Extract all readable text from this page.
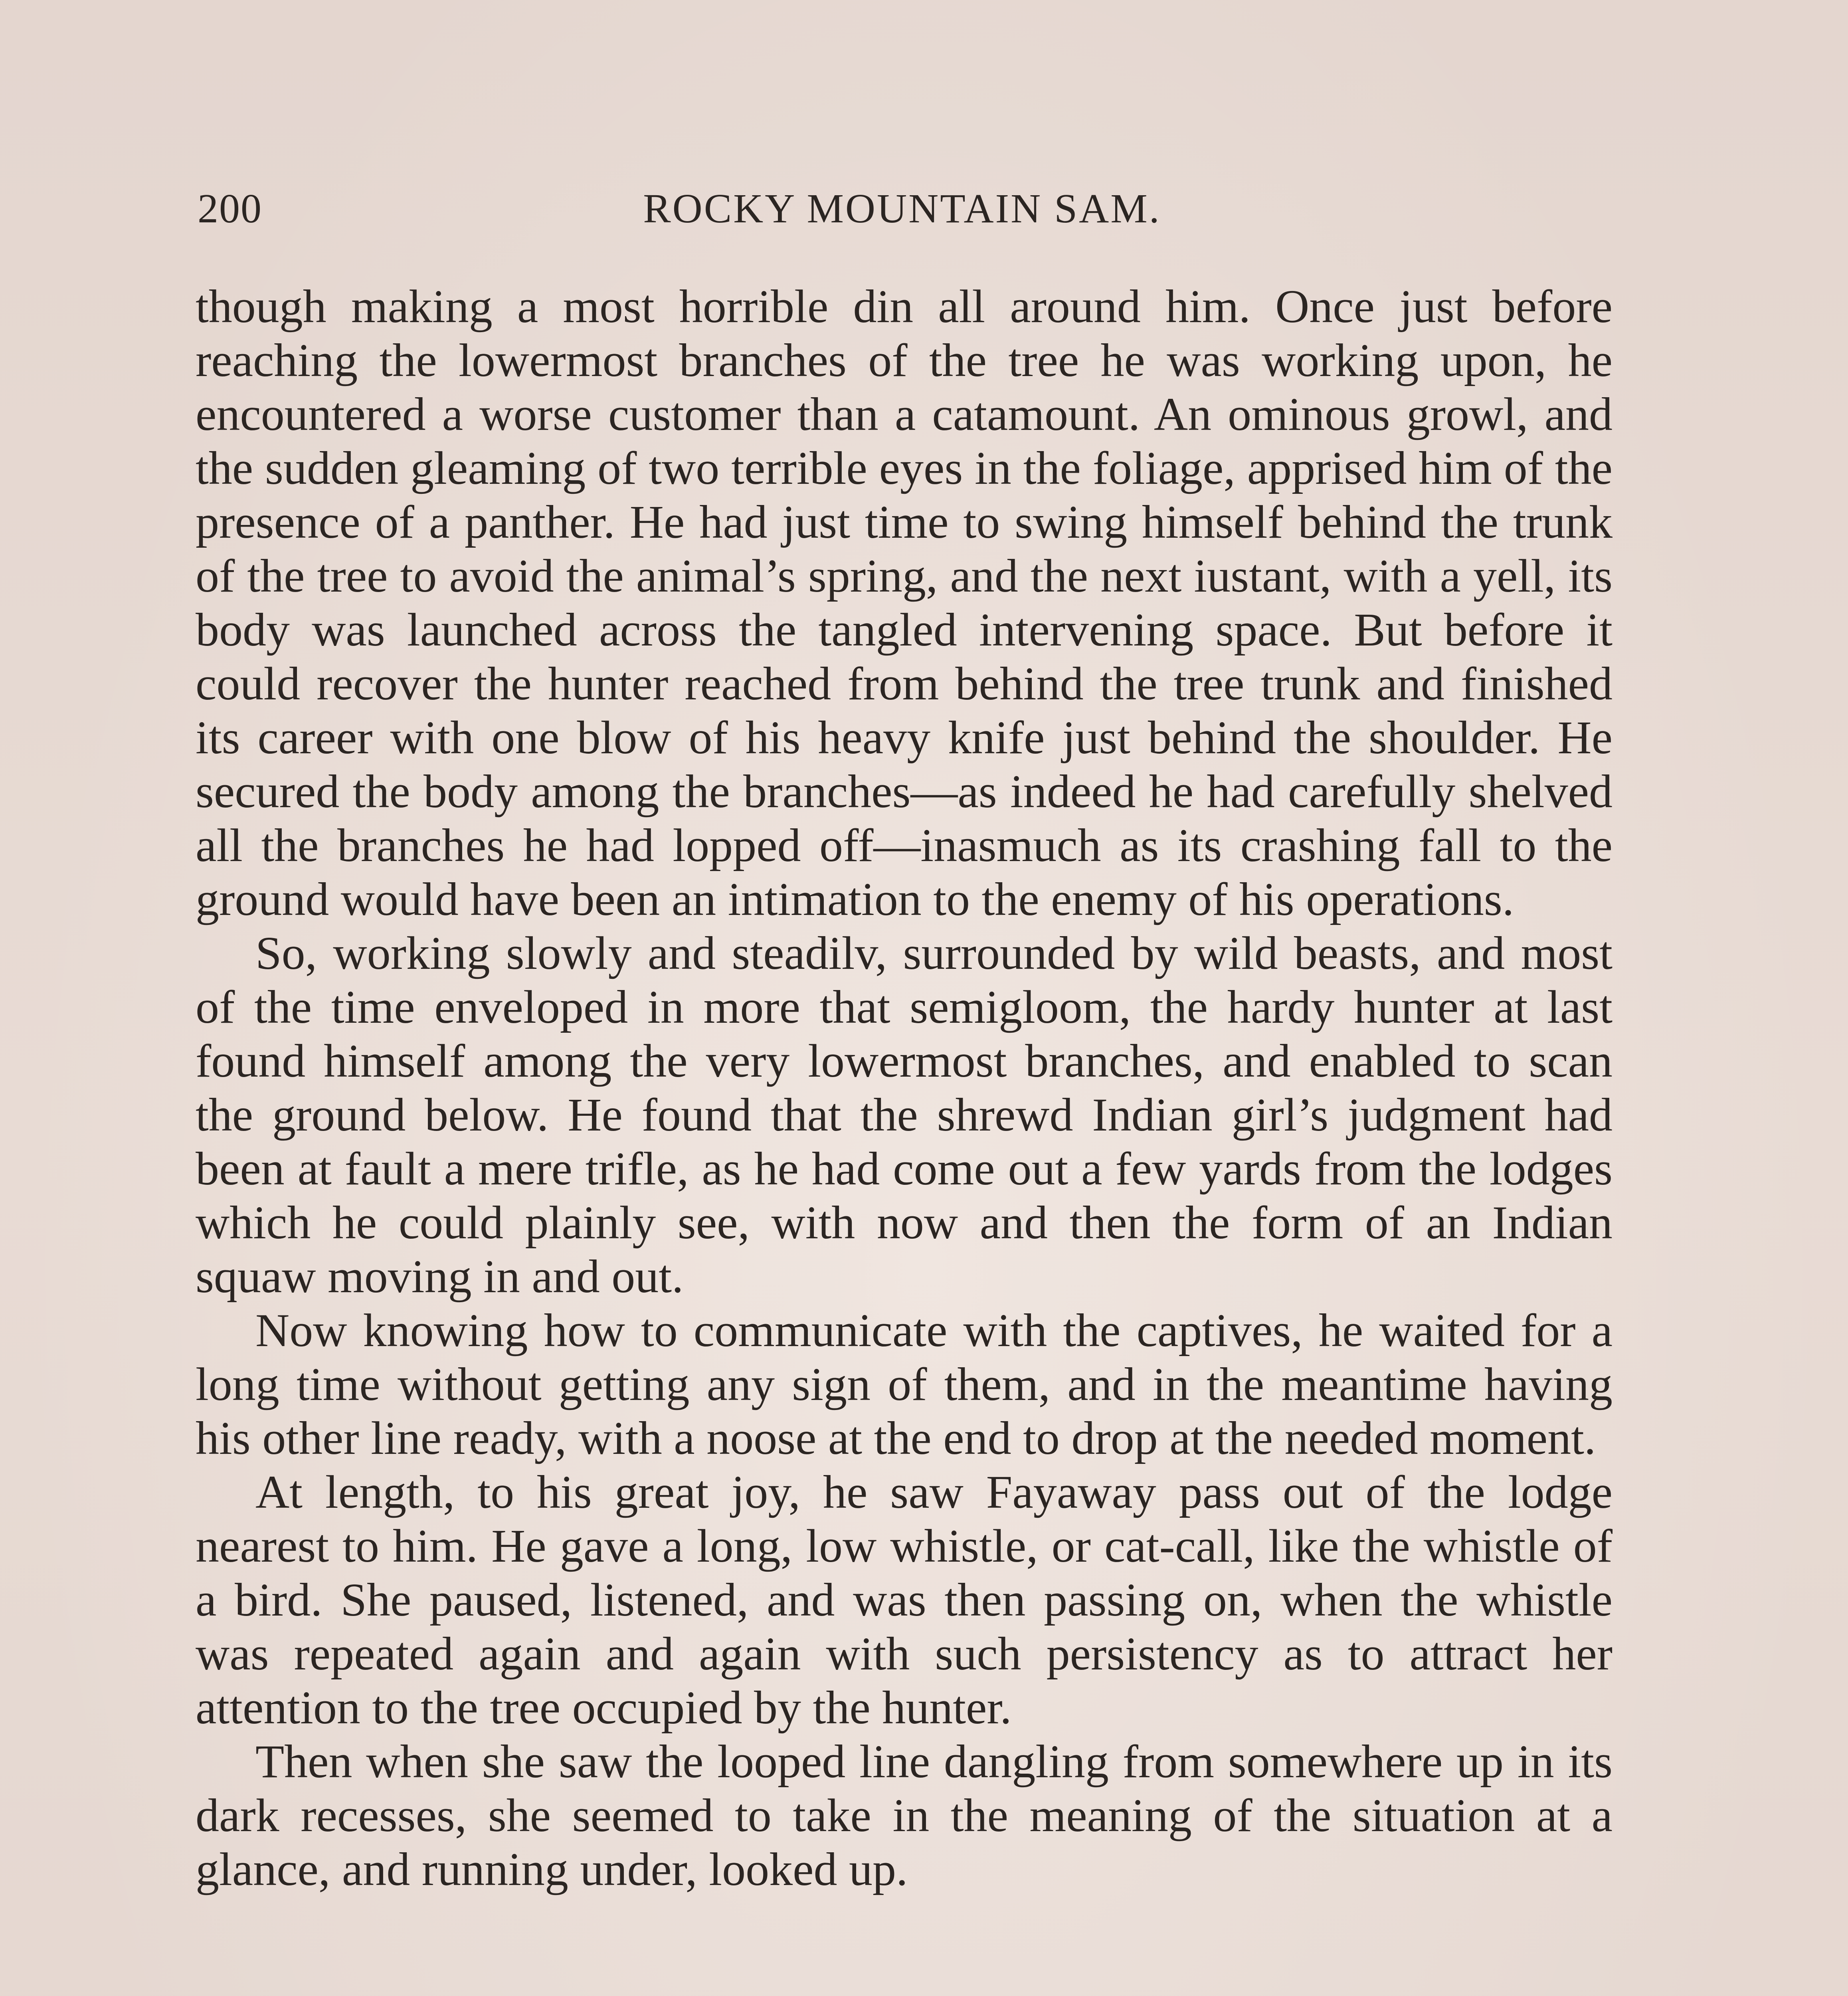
200	ROCKY MOUNTAIN SAM.

though making a most horrible din all around him. Once just before reaching the lowermost branches of the tree he was working upon, he encountered a worse customer than a catamount. An ominous growl, and the sudden gleaming of two terrible eyes in the foliage, apprised him of the presence of a panther. He had just time to swing himself behind the trunk of the tree to avoid the animal’s spring, and the next iustant, with a yell, its body was launched across the tangled intervening space. But before it could recover the hunter reached from behind the tree trunk and finished its career with one blow of his heavy knife just behind the shoulder. He secured the body among the branches—as indeed he had carefully shelved all the branches he had lopped off—inasmuch as its crashing fall to the ground would have been an intimation to the enemy of his operations.

So, working slowly and steadilv, surrounded by wild beasts, and most of the time enveloped in more that semigloom, the hardy hunter at last found himself among the very lowermost branches, and enabled to scan the ground below. He found that the shrewd Indian girl’s judgment had been at fault a mere trifle, as he had come out a few yards from the lodges which he could plainly see, with now and then the form of an Indian squaw moving in and out.

Now knowing how to communicate with the captives, he waited for a long time without getting any sign of them, and in the meantime having his other line ready, with a noose at the end to drop at the needed moment.

At length, to his great joy, he saw Fayaway pass out of the lodge nearest to him. He gave a long, low whistle, or cat-call, like the whistle of a bird. She paused, listened, and was then passing on, when the whistle was repeated again and again with such persistency as to attract her attention to the tree occupied by the hunter.

Then when she saw the looped line dangling from somewhere up in its dark recesses, she seemed to take in the meaning of the situation at a glance, and running under, looked up.
